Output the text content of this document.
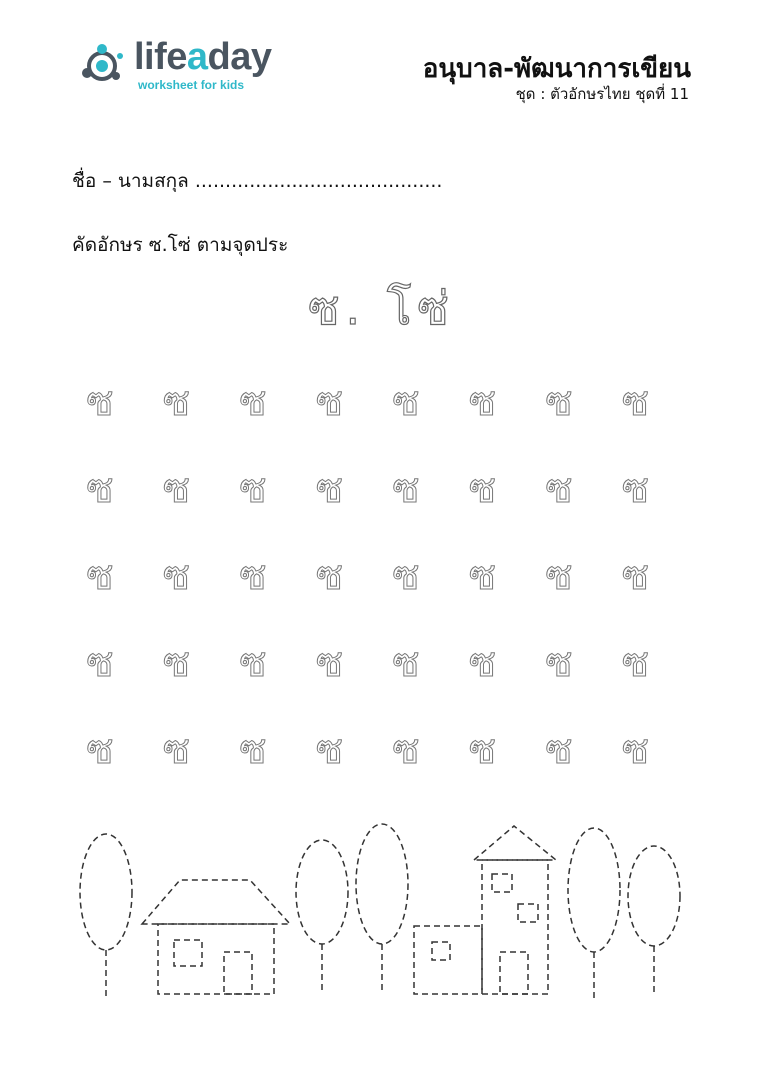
lifeaday
worksheet for kids
อนุบาล-พัฒนาการเขียน
ชุด : ตัวอักษรไทย ชุดที่ 11
ชื่อ – นามสกุล .........................................
คัดอักษร ซ.โซ่ ตามจุดประ
ซ. โซ่
ซ	ซ	ซ	ซ	ซ	ซ	ซ	ซ
ซ	ซ	ซ	ซ	ซ	ซ	ซ	ซ
ซ	ซ	ซ	ซ	ซ	ซ	ซ	ซ
ซ	ซ	ซ	ซ	ซ	ซ	ซ	ซ
ซ	ซ	ซ	ซ	ซ	ซ	ซ	ซ
